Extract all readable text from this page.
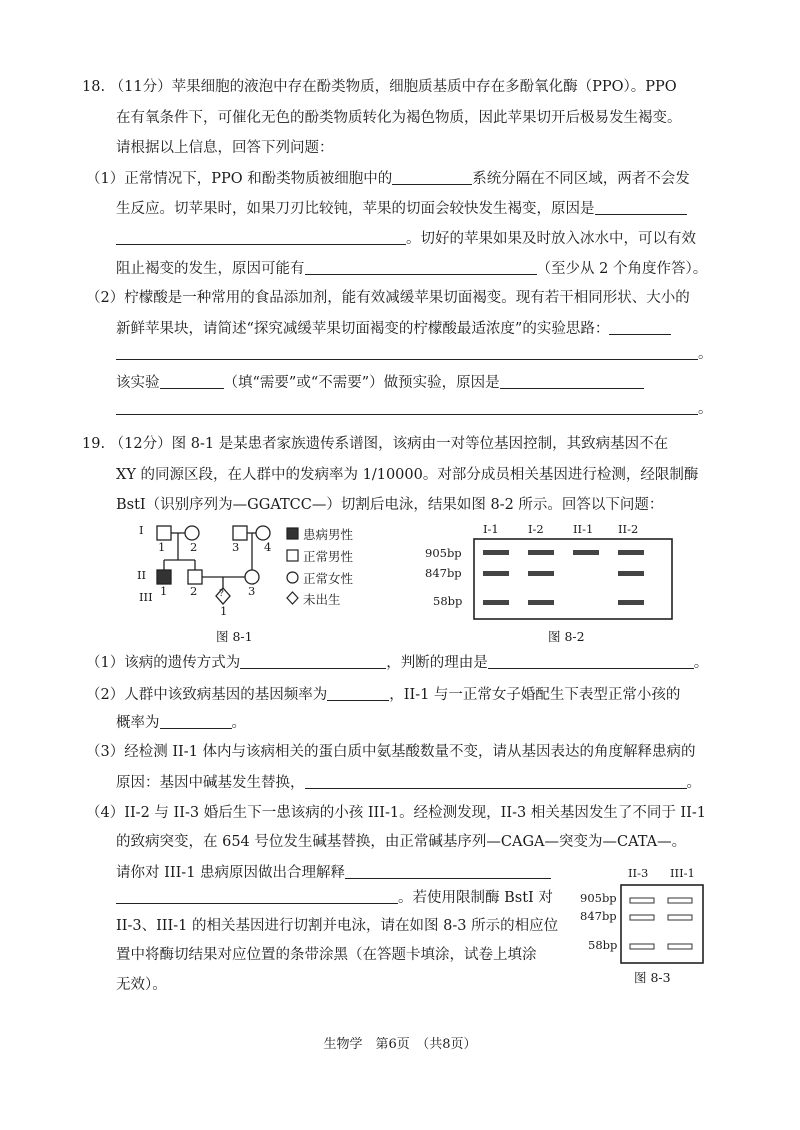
18. （11分）苹果细胞的液泡中存在酚类物质，细胞质基质中存在多酚氧化酶（PPO）。PPO
在有氧条件下，可催化无色的酚类物质转化为褐色物质，因此苹果切开后极易发生褐变。
请根据以上信息，回答下列问题：
（1）正常情况下，PPO 和酚类物质被细胞中的	系统分隔在不同区域，两者不会发
生反应。切苹果时，如果刀刃比较钝，苹果的切面会较快发生褐变，原因是
。切好的苹果如果及时放入冰水中，可以有效
阻止褐变的发生，原因可能有	（至少从 2 个角度作答）。
（2）柠檬酸是一种常用的食品添加剂，能有效减缓苹果切面褐变。现有若干相同形状、大小的
新鲜苹果块，请简述“探究减缓苹果切面褐变的柠檬酸最适浓度”的实验思路：
。
该实验	（填“需要”或“不需要”）做预实验，原因是
。
19. （12分）图 8-1 是某患者家族遗传系谱图，该病由一对等位基因控制，其致病基因不在
XY 的同源区段，在人群中的发病率为 1/10000。对部分成员相关基因进行检测，经限制酶
BstI（识别序列为—GGATCC—）切割后电泳，结果如图 8-2 所示。回答以下问题：
I
II
III
1 2	3 4
1 2	3
?
1
患病男性
正常男性
正常女性
未出生
图 8-1
I-1	I-2	II-1 II-2
905bp
847bp
58bp
图 8-2
（1）该病的遗传方式为	，判断的理由是	。
（2）人群中该致病基因的基因频率为	，II-1 与一正常女子婚配生下表型正常小孩的
概率为	。
（3）经检测 II-1 体内与该病相关的蛋白质中氨基酸数量不变，请从基因表达的角度解释患病的
原因：基因中碱基发生替换，	。
（4）II-2 与 II-3 婚后生下一患该病的小孩 III-1。经检测发现，II-3 相关基因发生了不同于 II-1
的致病突变，在 654 号位发生碱基替换，由正常碱基序列—CAGA—突变为—CATA—。
请你对 III-1 患病原因做出合理解释
。若使用限制酶 BstI 对
II-3、III-1 的相关基因进行切割并电泳，请在如图 8-3 所示的相应位
置中将酶切结果对应位置的条带涂黑（在答题卡填涂，试卷上填涂
无效）。
II-3 III-1
905bp
847bp
58bp
图 8-3
生物学　第6页　（共8页）
